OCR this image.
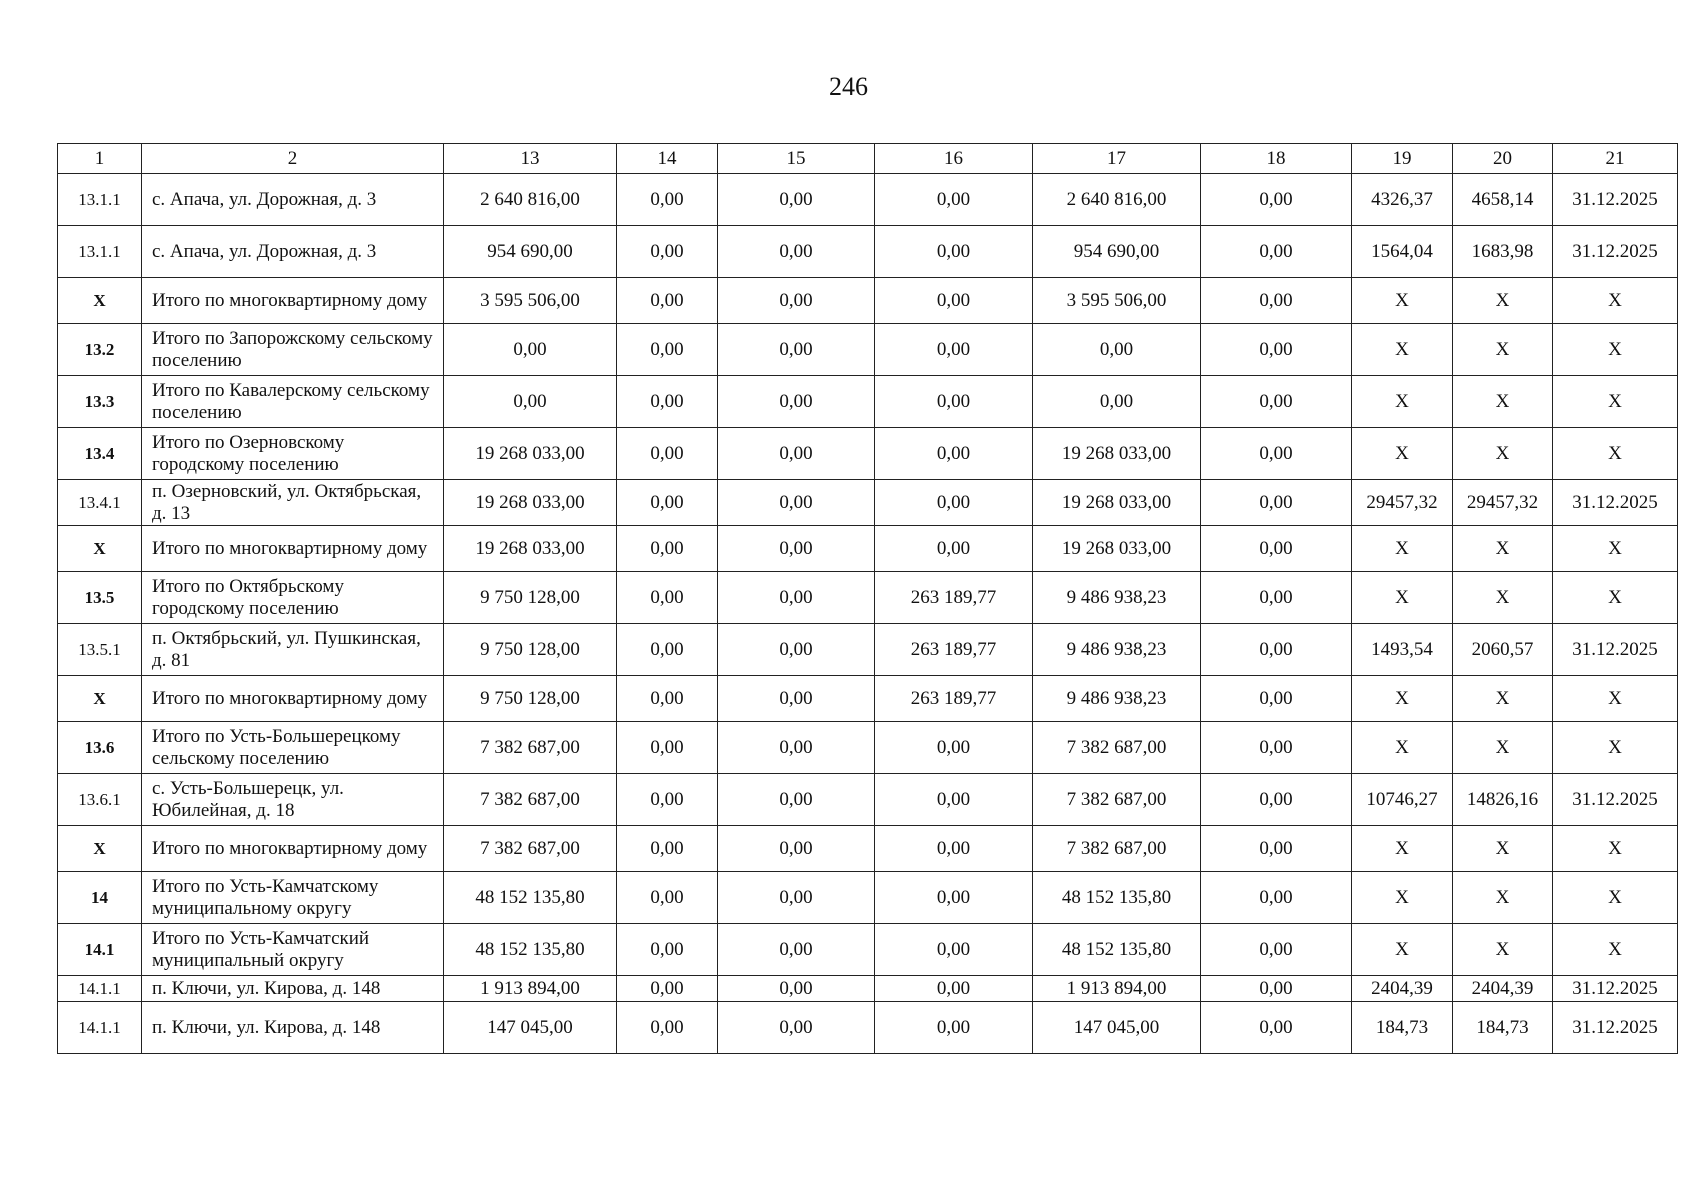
246
1	2	13	14	15	16	17	18	19	20	21
13.1.1	с. Апача, ул. Дорожная, д. 3	2 640 816,00	0,00	0,00	0,00	2 640 816,00	0,00	4326,37	4658,14	31.12.2025
13.1.1	с. Апача, ул. Дорожная, д. 3	954 690,00	0,00	0,00	0,00	954 690,00	0,00	1564,04	1683,98	31.12.2025
Х	Итого по многоквартирному дому	3 595 506,00	0,00	0,00	0,00	3 595 506,00	0,00	Х	Х	Х
13.2	Итого по Запорожскому сельскому поселению	0,00	0,00	0,00	0,00	0,00	0,00	Х	Х	Х
13.3	Итого по Кавалерскому сельскому поселению	0,00	0,00	0,00	0,00	0,00	0,00	Х	Х	Х
13.4	Итого по Озерновскому городскому поселению	19 268 033,00	0,00	0,00	0,00	19 268 033,00	0,00	Х	Х	Х
13.4.1	п. Озерновский, ул. Октябрьская, д. 13	19 268 033,00	0,00	0,00	0,00	19 268 033,00	0,00	29457,32	29457,32	31.12.2025
Х	Итого по многоквартирному дому	19 268 033,00	0,00	0,00	0,00	19 268 033,00	0,00	Х	Х	Х
13.5	Итого по Октябрьскому городскому поселению	9 750 128,00	0,00	0,00	263 189,77	9 486 938,23	0,00	Х	Х	Х
13.5.1	п. Октябрьский, ул. Пушкинская, д. 81	9 750 128,00	0,00	0,00	263 189,77	9 486 938,23	0,00	1493,54	2060,57	31.12.2025
Х	Итого по многоквартирному дому	9 750 128,00	0,00	0,00	263 189,77	9 486 938,23	0,00	Х	Х	Х
13.6	Итого по Усть-Большерецкому сельскому поселению	7 382 687,00	0,00	0,00	0,00	7 382 687,00	0,00	Х	Х	Х
13.6.1	с. Усть-Большерецк, ул. Юбилейная, д. 18	7 382 687,00	0,00	0,00	0,00	7 382 687,00	0,00	10746,27	14826,16	31.12.2025
Х	Итого по многоквартирному дому	7 382 687,00	0,00	0,00	0,00	7 382 687,00	0,00	Х	Х	Х
14	Итого по Усть-Камчатскому муниципальному округу	48 152 135,80	0,00	0,00	0,00	48 152 135,80	0,00	Х	Х	Х
14.1	Итого по Усть-Камчатский муниципальный округу	48 152 135,80	0,00	0,00	0,00	48 152 135,80	0,00	Х	Х	Х
14.1.1	п. Ключи, ул. Кирова, д. 148	1 913 894,00	0,00	0,00	0,00	1 913 894,00	0,00	2404,39	2404,39	31.12.2025
14.1.1	п. Ключи, ул. Кирова, д. 148	147 045,00	0,00	0,00	0,00	147 045,00	0,00	184,73	184,73	31.12.2025
